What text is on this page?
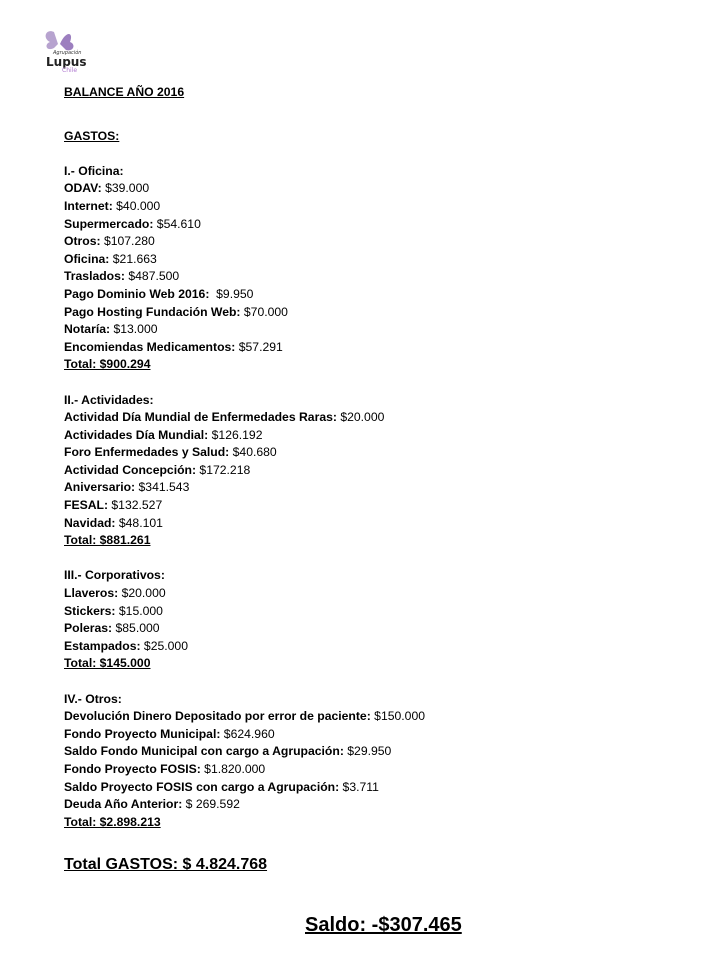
Agrupación
Lupus
Chile
BALANCE AÑO 2016
GASTOS:
I.- Oficina:
ODAV: $39.000
Internet: $40.000
Supermercado: $54.610
Otros: $107.280
Oficina: $21.663
Traslados: $487.500
Pago Dominio Web 2016:  $9.950
Pago Hosting Fundación Web: $70.000
Notaría: $13.000
Encomiendas Medicamentos: $57.291
Total: $900.294
II.- Actividades:
Actividad Día Mundial de Enfermedades Raras: $20.000
Actividades Día Mundial: $126.192
Foro Enfermedades y Salud: $40.680
Actividad Concepción: $172.218
Aniversario: $341.543
FESAL: $132.527
Navidad: $48.101
Total: $881.261
III.- Corporativos:
Llaveros: $20.000
Stickers: $15.000
Poleras: $85.000
Estampados: $25.000
Total: $145.000
IV.- Otros:
Devolución Dinero Depositado por error de paciente: $150.000
Fondo Proyecto Municipal: $624.960
Saldo Fondo Municipal con cargo a Agrupación: $29.950
Fondo Proyecto FOSIS: $1.820.000
Saldo Proyecto FOSIS con cargo a Agrupación: $3.711
Deuda Año Anterior: $ 269.592
Total: $2.898.213
Total GASTOS: $ 4.824.768
Saldo: -$307.465
